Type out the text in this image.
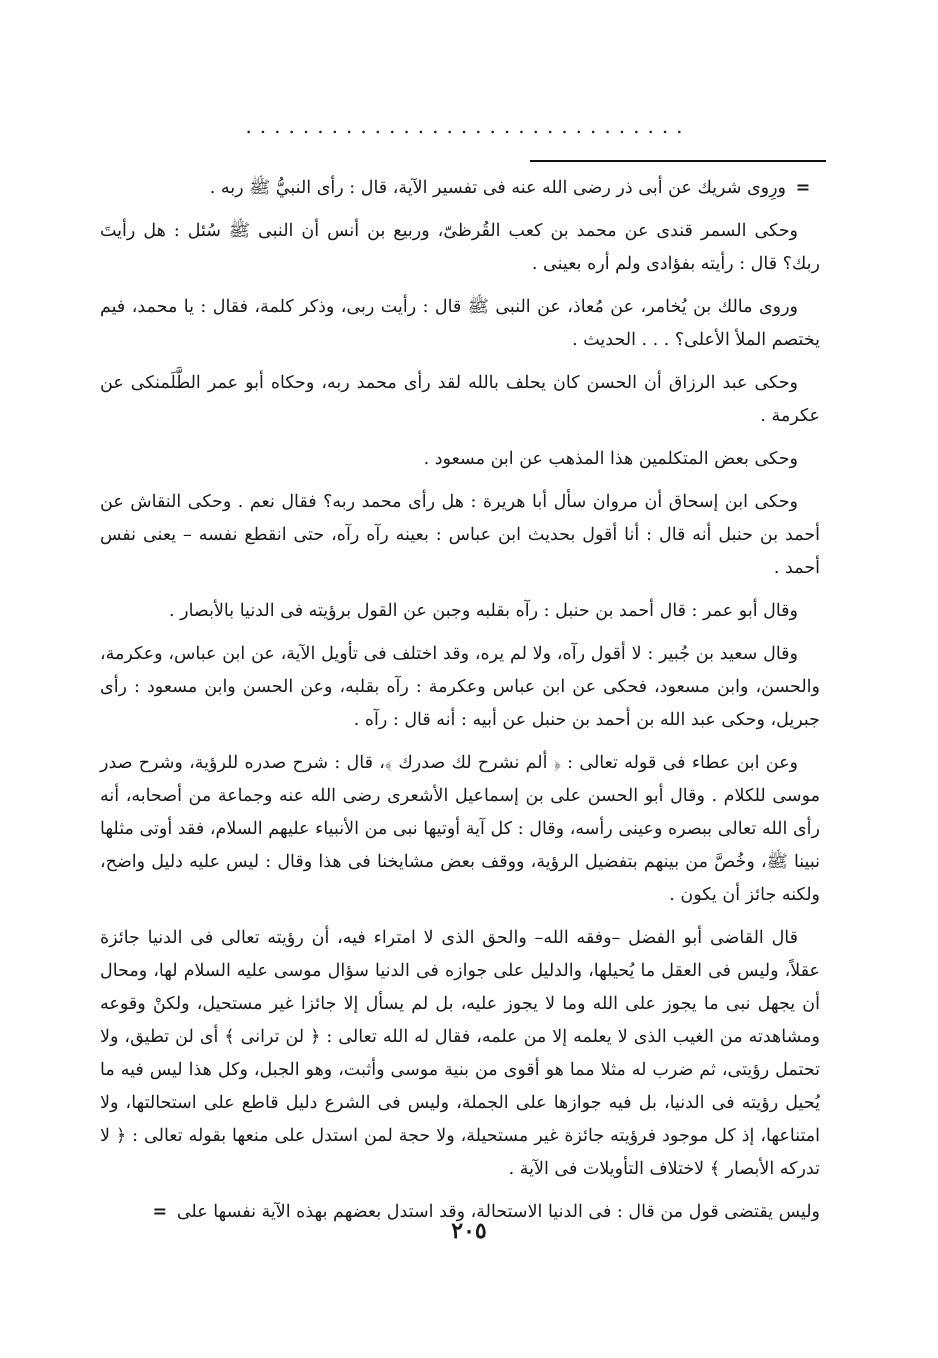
...............................

=ورِوى شريك عن أبى ذر رضى الله عنه فى تفسير الآية، قال : رأى النبيُّ ﷺ ربه .

وحكى السمر قندى عن محمد بن كعب القُرظىّ، وربيع بن أنس أن النبى ﷺ سُئل : هل رأيتَ ربك؟ قال : رأيته بفؤادى ولم أره بعينى .

وروى مالك بن يُخامر، عن مُعاذ، عن النبى ﷺ قال : رأيت ربى، وذكر كلمة، فقال : يا محمد، فيم يختصم الملأ الأعلى؟ . . . الحديث .

وحكى عبد الرزاق أن الحسن كان يحلف بالله لقد رأى محمد ربه، وحكاه أبو عمر الطَّلَمنكى عن عكرمة .

وحكى بعض المتكلمين هذا المذهب عن ابن مسعود .

وحكى ابن إسحاق أن مروان سأل أبا هريرة : هل رأى محمد ربه؟ فقال نعم . وحكى النقاش عن أحمد بن حنبل أنه قال : أنا أقول بحديث ابن عباس : بعينه رآه رآه، حتى انقطع نفسه – يعنى نفس أحمد .

وقال أبو عمر : قال أحمد بن حنبل : رآه بقلبه وجبن عن القول برؤيته فى الدنيا بالأبصار .

وقال سعيد بن جُبير : لا أقول رآه، ولا لم يره، وقد اختلف فى تأويل الآية، عن ابن عباس، وعكرمة، والحسن، وابن مسعود، فحكى عن ابن عباس وعكرمة : رآه بقلبه، وعن الحسن وابن مسعود : رأى جبريل، وحكى عبد الله بن أحمد بن حنبل عن أبيه : أنه قال : رآه .

وعن ابن عطاء فى قوله تعالى : ﴿ ألم نشرح لك صدرك ﴾، قال : شرح صدره للرؤية، وشرح صدر موسى للكلام . وقال أبو الحسن على بن إسماعيل الأشعرى رضى الله عنه وجماعة من أصحابه، أنه رأى الله تعالى ببصره وعينى رأسه، وقال : كل آية أوتيها نبى من الأنبياء عليهم السلام، فقد أوتى مثلها نبينا ﷺ، وخُصَّ من بينهم بتفضيل الرؤية، ووقف بعض مشايخنا فى هذا وقال : ليس عليه دليل واضح، ولكنه جائز أن يكون .

قال القاضى أبو الفضل –وفقه الله– والحق الذى لا امتراء فيه، أن رؤيته تعالى فى الدنيا جائزة عقلاً، وليس فى العقل ما يُحيلها، والدليل على جوازه فى الدنيا سؤال موسى عليه السلام لها، ومحال أن يجهل نبى ما يجوز على الله وما لا يجوز عليه، بل لم يسأل إلا جائزا غير مستحيل، ولكنْ وقوعه ومشاهدته من الغيب الذى لا يعلمه إلا من علمه، فقال له الله تعالى : ﴿ لن ترانى ﴾ أى لن تطيق، ولا تحتمل رؤيتى، ثم ضرب له مثلا مما هو أقوى من بنية موسى وأثبت، وهو الجبل، وكل هذا ليس فيه ما يُحيل رؤيته فى الدنيا، بل فيه جوازها على الجملة، وليس فى الشرع دليل قاطع على استحالتها، ولا امتناعها، إذ كل موجود فرؤيته جائزة غير مستحيلة، ولا حجة لمن استدل على منعها بقوله تعالى : ﴿ لا تدركه الأبصار ﴾ لاختلاف التأويلات فى الآية .

وليس يقتضى قول من قال : فى الدنيا الاستحالة، وقد استدل بعضهم بهذه الآية نفسها على=

٢٠٥
